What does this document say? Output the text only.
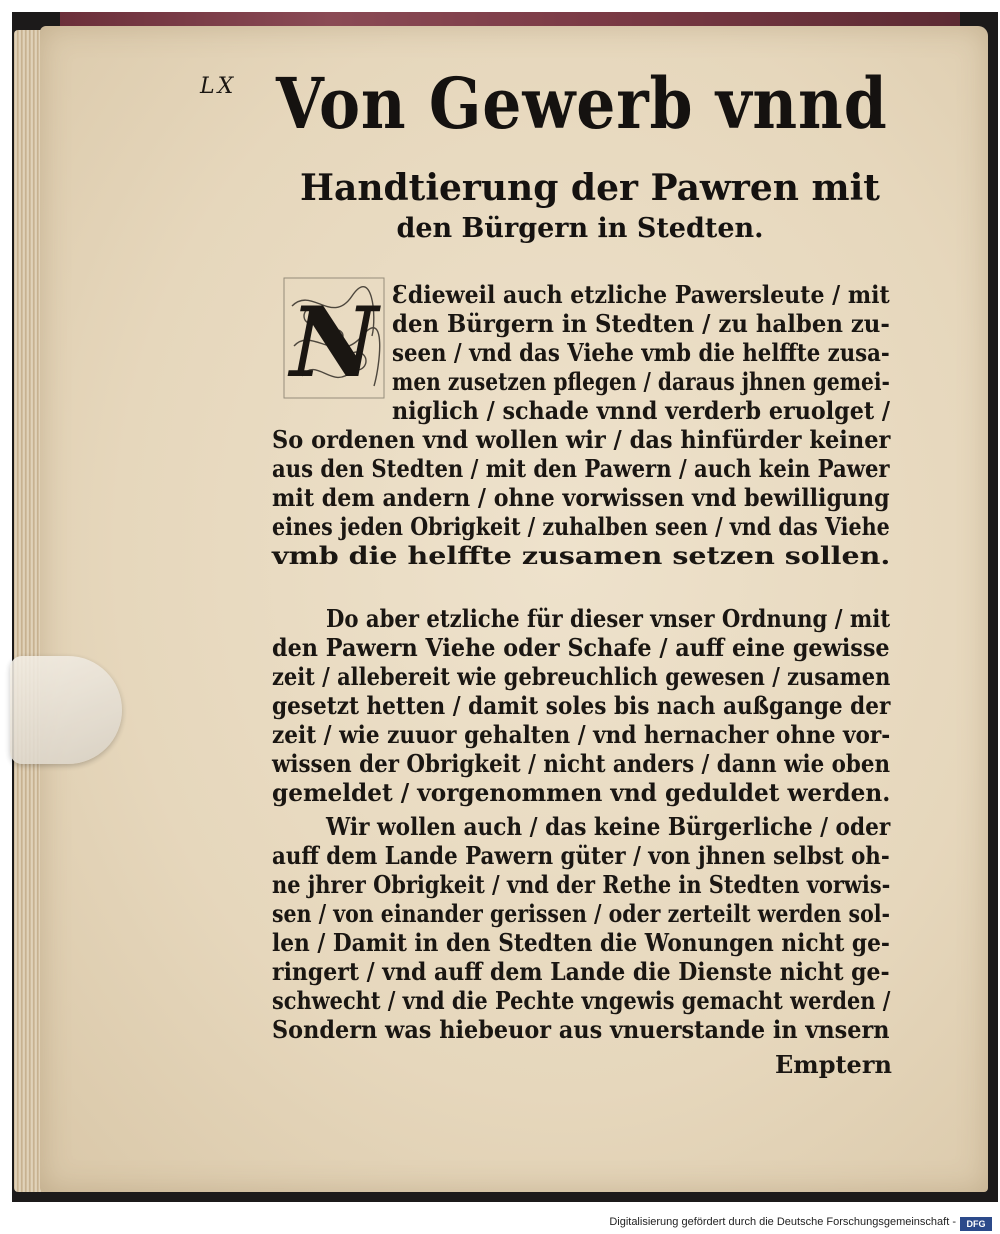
LX Von Gewerb vnnd
Handtierung der Pawren mit
den Bürgern in Stedten.
N Ɛdieweil auch etzliche Pawersleute / mit
den Bürgern in Stedten / zu halben zu-
seen / vnd das Viehe vmb die helffte zusa-
men zusetzen pflegen / daraus jhnen gemei-
niglich / schade vnnd verderb eruolget /
So ordenen vnd wollen wir / das hinfürder keiner
aus den Stedten / mit den Pawern / auch kein Pawer
mit dem andern / ohne vorwissen vnd bewilligung
eines jeden Obrigkeit / zuhalben seen / vnd das Viehe
vmb die helffte zusamen setzen sollen.
Do aber etzliche für dieser vnser Ordnung / mit
den Pawern Viehe oder Schafe / auff eine gewisse
zeit / allebereit wie gebreuchlich gewesen / zusamen
gesetzt hetten / damit soles bis nach außgange der
zeit / wie zuuor gehalten / vnd hernacher ohne vor-
wissen der Obrigkeit / nicht anders / dann wie oben
gemeldet / vorgenommen vnd geduldet werden.
Wir wollen auch / das keine Bürgerliche / oder
auff dem Lande Pawern güter / von jhnen selbst oh-
ne jhrer Obrigkeit / vnd der Rethe in Stedten vorwis-
sen / von einander gerissen / oder zerteilt werden sol-
len / Damit in den Stedten die Wonungen nicht ge-
ringert / vnd auff dem Lande die Dienste nicht ge-
schwecht / vnd die Pechte vngewis gemacht werden /
Sondern was hiebeuor aus vnuerstande in vnsern
Emptern
Digitalisierung gefördert durch die Deutsche Forschungsgemeinschaft -	DFG
